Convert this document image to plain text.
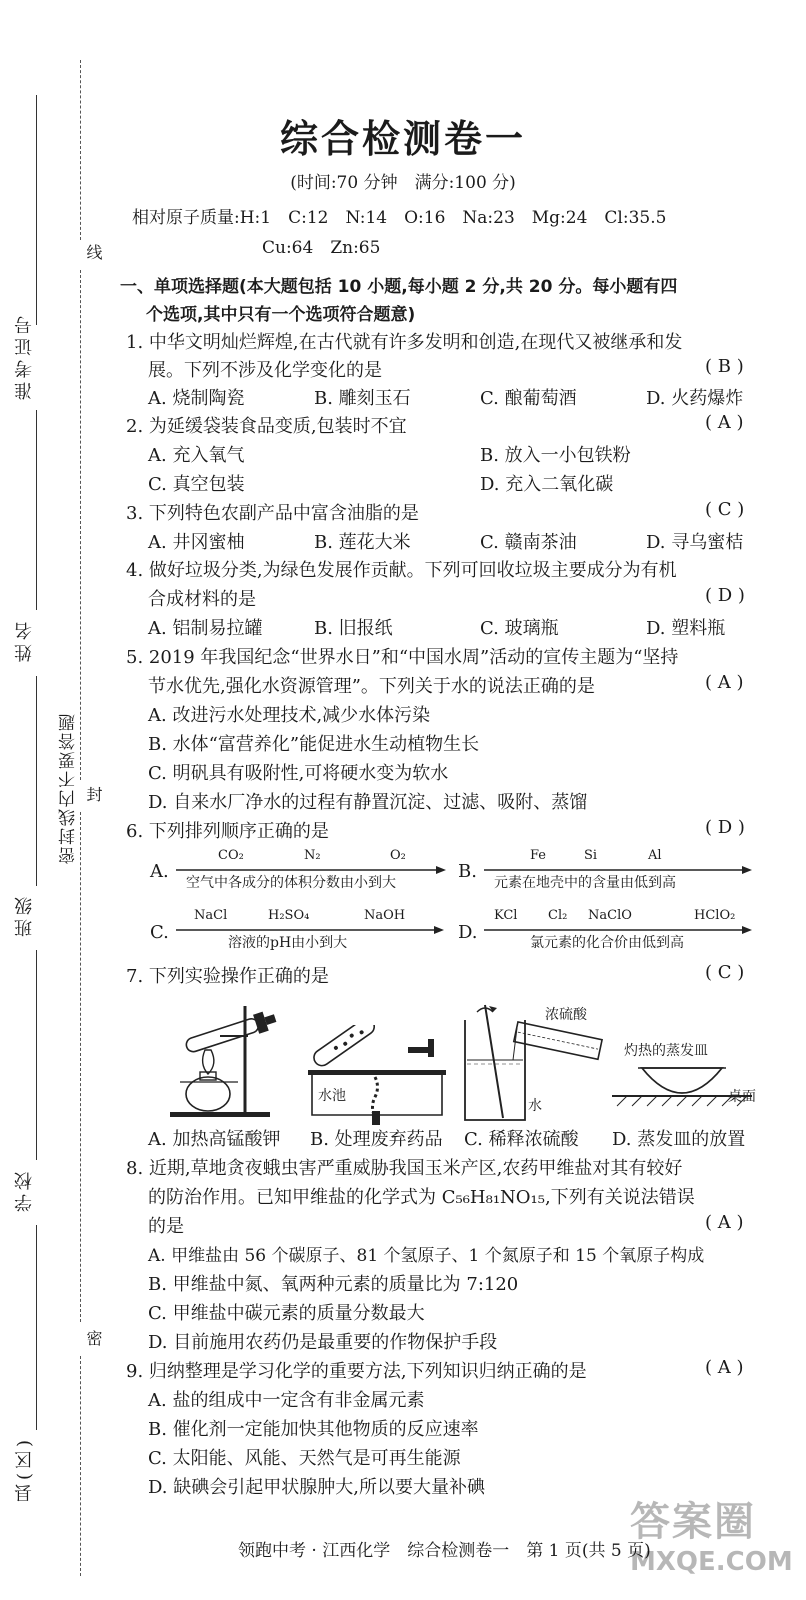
准考证号
姓名
班级
学校
县(区)
密封线内不要答题
线
封
密
综合检测卷一
(时间:70 分钟　满分:100 分)
相对原子质量:H:1　C:12　N:14　O:16　Na:23　Mg:24　Cl:35.5
Cu:64　Zn:65
一、单项选择题(本大题包括 10 小题,每小题 2 分,共 20 分。每小题有四
个选项,其中只有一个选项符合题意)
1. 中华文明灿烂辉煌,在古代就有许多发明和创造,在现代又被继承和发
展。下列不涉及化学变化的是	( B )
A. 烧制陶瓷	B. 雕刻玉石	C. 酿葡萄酒	D. 火药爆炸
2. 为延缓袋装食品变质,包装时不宜	( A )
A. 充入氧气	B. 放入一小包铁粉
C. 真空包装	D. 充入二氧化碳
3. 下列特色农副产品中富含油脂的是	( C )
A. 井冈蜜柚	B. 莲花大米	C. 赣南茶油	D. 寻乌蜜桔
4. 做好垃圾分类,为绿色发展作贡献。下列可回收垃圾主要成分为有机
合成材料的是	( D )
A. 铝制易拉罐	B. 旧报纸	C. 玻璃瓶	D. 塑料瓶
5. 2019 年我国纪念“世界水日”和“中国水周”活动的宣传主题为“坚持
节水优先,强化水资源管理”。下列关于水的说法正确的是	( A )
A. 改进污水处理技术,减少水体污染
B. 水体“富营养化”能促进水生动植物生长
C. 明矾具有吸附性,可将硬水变为软水
D. 自来水厂净水的过程有静置沉淀、过滤、吸附、蒸馏
6. 下列排列顺序正确的是	( D )
A.
CO₂	N₂	O₂
空气中各成分的体积分数由小到大
B.
Fe	Si	Al
元素在地壳中的含量由低到高
C.
NaCl	H₂SO₄	NaOH
溶液的pH由小到大	D.
KCl Cl₂ NaClO	HClO₂
氯元素的化合价由低到高
7. 下列实验操作正确的是	( C )
水池
浓硫酸
水
灼热的蒸发皿
桌面
A. 加热高锰酸钾 B. 处理废弃药品 C. 稀释浓硫酸 D. 蒸发皿的放置
8. 近期,草地贪夜蛾虫害严重威胁我国玉米产区,农药甲维盐对其有较好
的防治作用。已知甲维盐的化学式为 C₅₆H₈₁NO₁₅,下列有关说法错误
的是	( A )
A. 甲维盐由 56 个碳原子、81 个氢原子、1 个氮原子和 15 个氧原子构成
B. 甲维盐中氮、氧两种元素的质量比为 7:120
C. 甲维盐中碳元素的质量分数最大
D. 目前施用农药仍是最重要的作物保护手段
9. 归纳整理是学习化学的重要方法,下列知识归纳正确的是	( A )
A. 盐的组成中一定含有非金属元素
B. 催化剂一定能加快其他物质的反应速率
C. 太阳能、风能、天然气是可再生能源
D. 缺碘会引起甲状腺肿大,所以要大量补碘
领跑中考 · 江西化学　综合检测卷一　第 1 页(共 5 页)
答案圈
MXQE.COM
